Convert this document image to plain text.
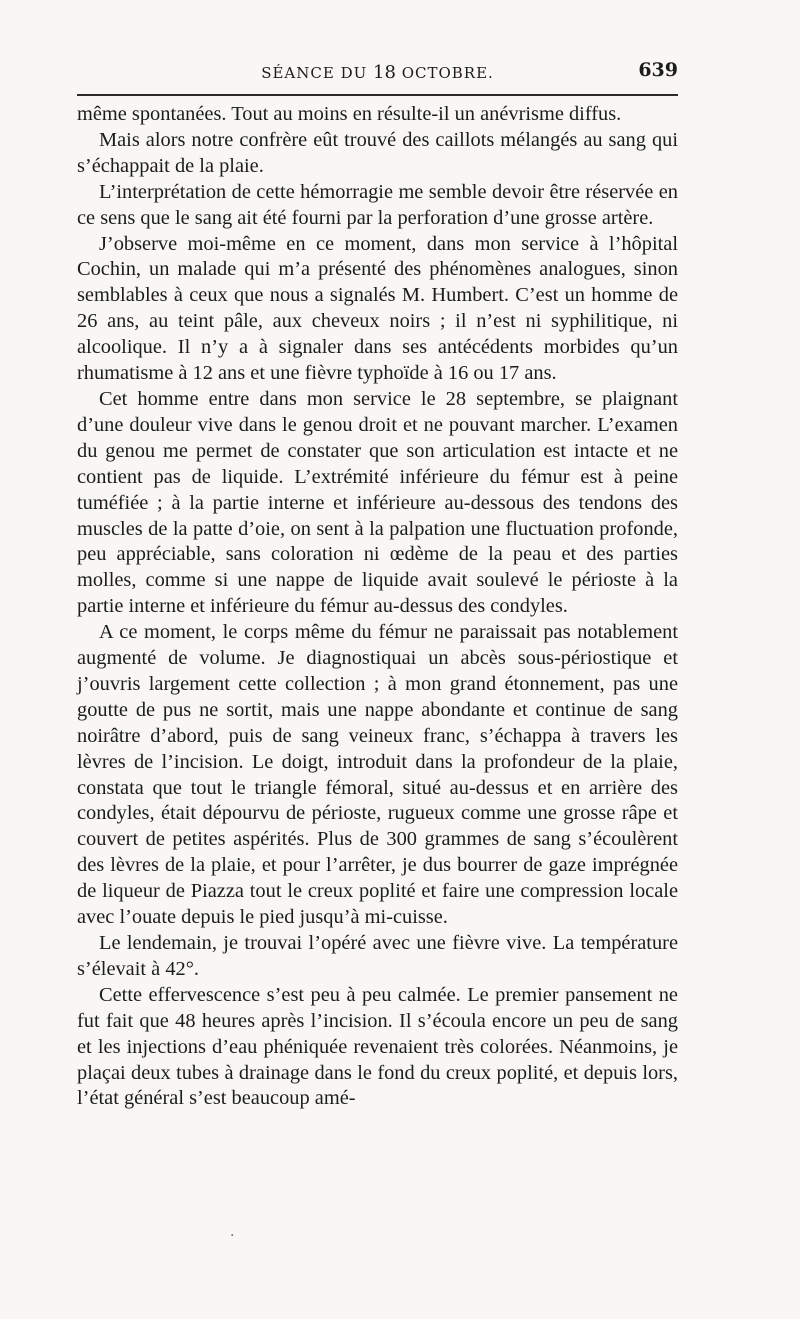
SÉANCE DU 18 OCTOBRE.	639

même spontanées. Tout au moins en résulte-il un anévrisme diffus.

Mais alors notre confrère eût trouvé des caillots mélangés au sang qui s’échappait de la plaie.

L’interprétation de cette hémorragie me semble devoir être réservée en ce sens que le sang ait été fourni par la perforation d’une grosse artère.

J’observe moi-même en ce moment, dans mon service à l’hôpital Cochin, un malade qui m’a présenté des phénomènes analogues, sinon semblables à ceux que nous a signalés M. Humbert. C’est un homme de 26 ans, au teint pâle, aux cheveux noirs ; il n’est ni syphilitique, ni alcoolique. Il n’y a à signaler dans ses antécédents morbides qu’un rhumatisme à 12 ans et une fièvre typhoïde à 16 ou 17 ans.

Cet homme entre dans mon service le 28 septembre, se plaignant d’une douleur vive dans le genou droit et ne pouvant marcher. L’examen du genou me permet de constater que son articulation est intacte et ne contient pas de liquide. L’extrémité inférieure du fémur est à peine tuméfiée ; à la partie interne et inférieure au-dessous des tendons des muscles de la patte d’oie, on sent à la palpation une fluctuation profonde, peu appréciable, sans coloration ni œdème de la peau et des parties molles, comme si une nappe de liquide avait soulevé le périoste à la partie interne et inférieure du fémur au-dessus des condyles.

A ce moment, le corps même du fémur ne paraissait pas notablement augmenté de volume. Je diagnostiquai un abcès sous-périostique et j’ouvris largement cette collection ; à mon grand étonnement, pas une goutte de pus ne sortit, mais une nappe abondante et continue de sang noirâtre d’abord, puis de sang veineux franc, s’échappa à travers les lèvres de l’incision. Le doigt, introduit dans la profondeur de la plaie, constata que tout le triangle fémoral, situé au-dessus et en arrière des condyles, était dépourvu de périoste, rugueux comme une grosse râpe et couvert de petites aspérités. Plus de 300 grammes de sang s’écoulèrent des lèvres de la plaie, et pour l’arrêter, je dus bourrer de gaze imprégnée de liqueur de Piazza tout le creux poplité et faire une compression locale avec l’ouate depuis le pied jusqu’à mi-cuisse.

Le lendemain, je trouvai l’opéré avec une fièvre vive. La température s’élevait à 42°.

Cette effervescence s’est peu à peu calmée. Le premier pansement ne fut fait que 48 heures après l’incision. Il s’écoula encore un peu de sang et les injections d’eau phéniquée revenaient très colorées. Néanmoins, je plaçai deux tubes à drainage dans le fond du creux poplité, et depuis lors, l’état général s’est beaucoup amé-

·
